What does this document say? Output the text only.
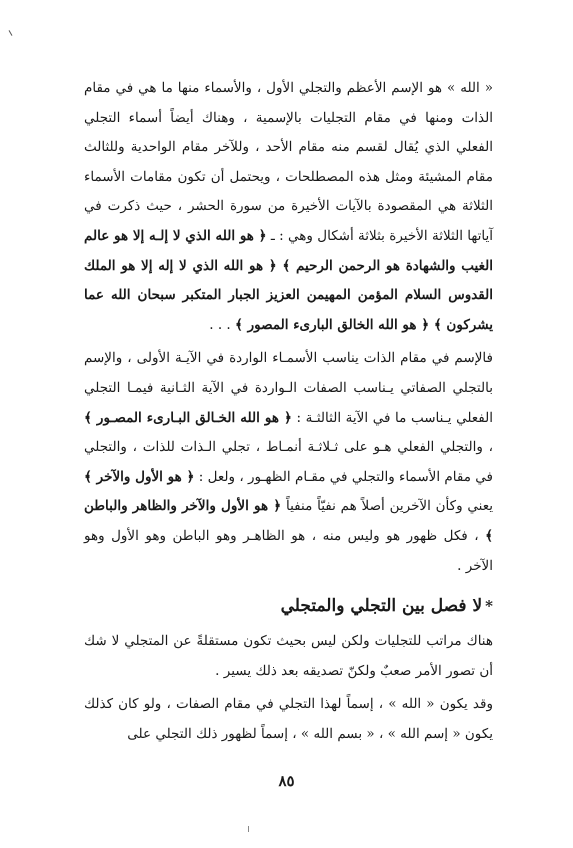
« الله » هو الإسم الأعظم والتجلي الأول ، والأسماء منها ما هي في مقام الذات ومنها في مقام التجليات بالإسمية ، وهناك أيضاً أسماء التجلي الفعلي الذي يُقال لقسم منه مقام الأحد ، وللآخر مقام الواحدية وللثالث مقام المشيئة ومثل هذه المصطلحات ، ويحتمل أن تكون مقامات الأسماء الثلاثة هي المقصودة بالآيات الأخيرة من سورة الحشر ، حيث ذكرت في آياتها الثلاثة الأخيرة بثلاثة أشكال وهي : ـ ﴿ هو الله الذي لا إلـه إلا هو عالم الغيب والشهادة هو الرحمن الرحيم ﴾ ﴿ هو الله الذي لا إله إلا هو الملك القدوس السلام المؤمن المهيمن العزيز الجبار المتكبر سبحان الله عما يشركون ﴾ ﴿ هو الله الخالق البارىء المصور ﴾ . . .

فالإسم في مقام الذات يناسب الأسمـاء الواردة في الآيـة الأولى ، والإسم بالتجلي الصفاتي يـناسب الصفات الـواردة في الآية الثـانية فيمـا التجلي الفعلي يـناسب ما في الآية الثالثـة : ﴿ هو الله الخـالق البـارىء المصـور ﴾ ، والتجلي الفعلي هـو على ثـلاثـة أنمـاط ، تجلي الـذات للذات ، والتجلي في مقام الأسماء والتجلي في مقـام الظهـور ، ولعل : ﴿ هو الأول والآخر ﴾ يعني وكأن الآخرين أصلاً هم نفيّاً منفياً ﴿ هو الأول والآخر والظاهر والباطن ﴾ ، فكل ظهور هو وليس منه ، هو الظاهـر وهو الباطن وهو الأول وهو الآخر .

*لا فصل بين التجلي والمتجلي

هناك مراتب للتجليات ولكن ليس بحيث تكون مستقلةً عن المتجلي لا شك أن تصور الأمر صعبٌ ولكنّ تصديقه بعد ذلك يسير .

وقد يكون « الله » ، إسماً لهذا التجلي في مقام الصفات ، ولو كان كذلك يكون « إسم الله » ، « بسم الله » ، إسماً لظهور ذلك التجلي على

٨٥
